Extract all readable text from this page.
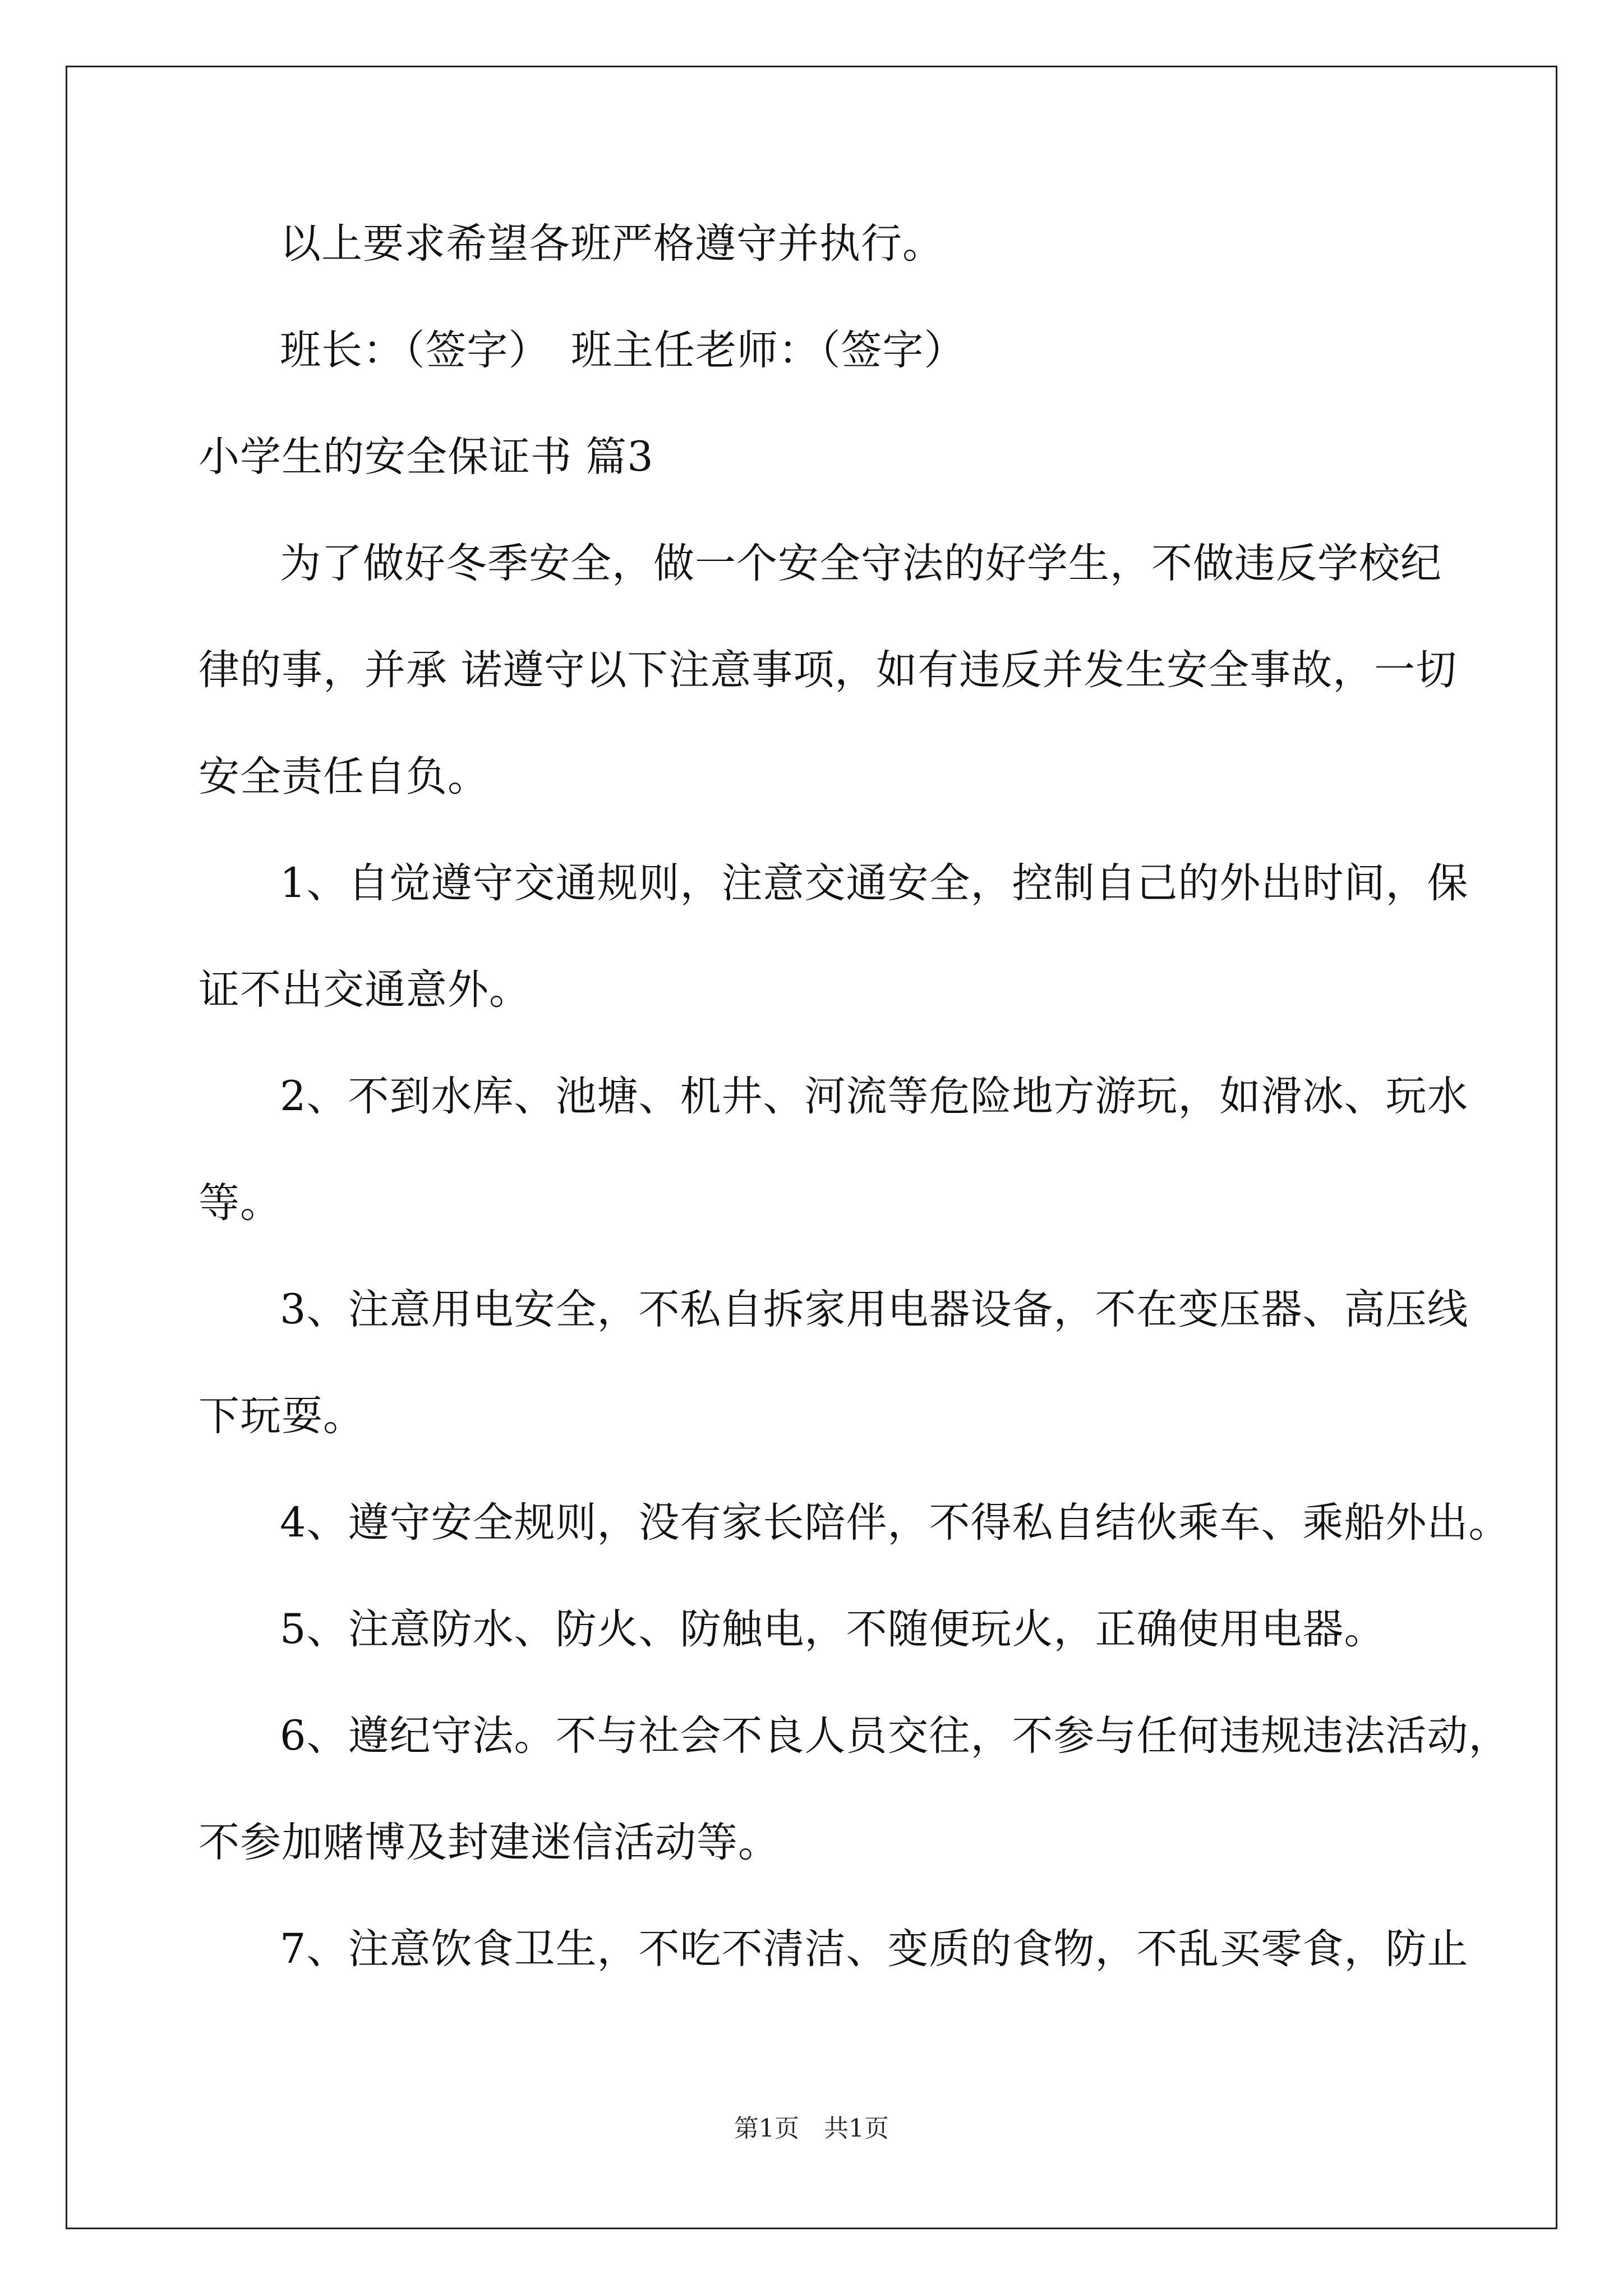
以上要求希望各班严格遵守并执行。
班长：（签字）　班主任老师：（签字）
小学生的安全保证书 篇3
为了做好冬季安全，做一个安全守法的好学生，不做违反学校纪
律的事，并承 诺遵守以下注意事项，如有违反并发生安全事故，一切
安全责任自负。
1、自觉遵守交通规则，注意交通安全，控制自己的外出时间，保
证不出交通意外。
2、不到水库、池塘、机井、河流等危险地方游玩，如滑冰、玩水
等。
3、注意用电安全，不私自拆家用电器设备，不在变压器、高压线
下玩耍。
4、遵守安全规则，没有家长陪伴，不得私自结伙乘车、乘船外出。
5、注意防水、防火、防触电，不随便玩火，正确使用电器。
6、遵纪守法。不与社会不良人员交往，不参与任何违规违法活动，
不参加赌博及封建迷信活动等。
7、注意饮食卫生，不吃不清洁、变质的食物，不乱买零食，防止
第1页　共1页
